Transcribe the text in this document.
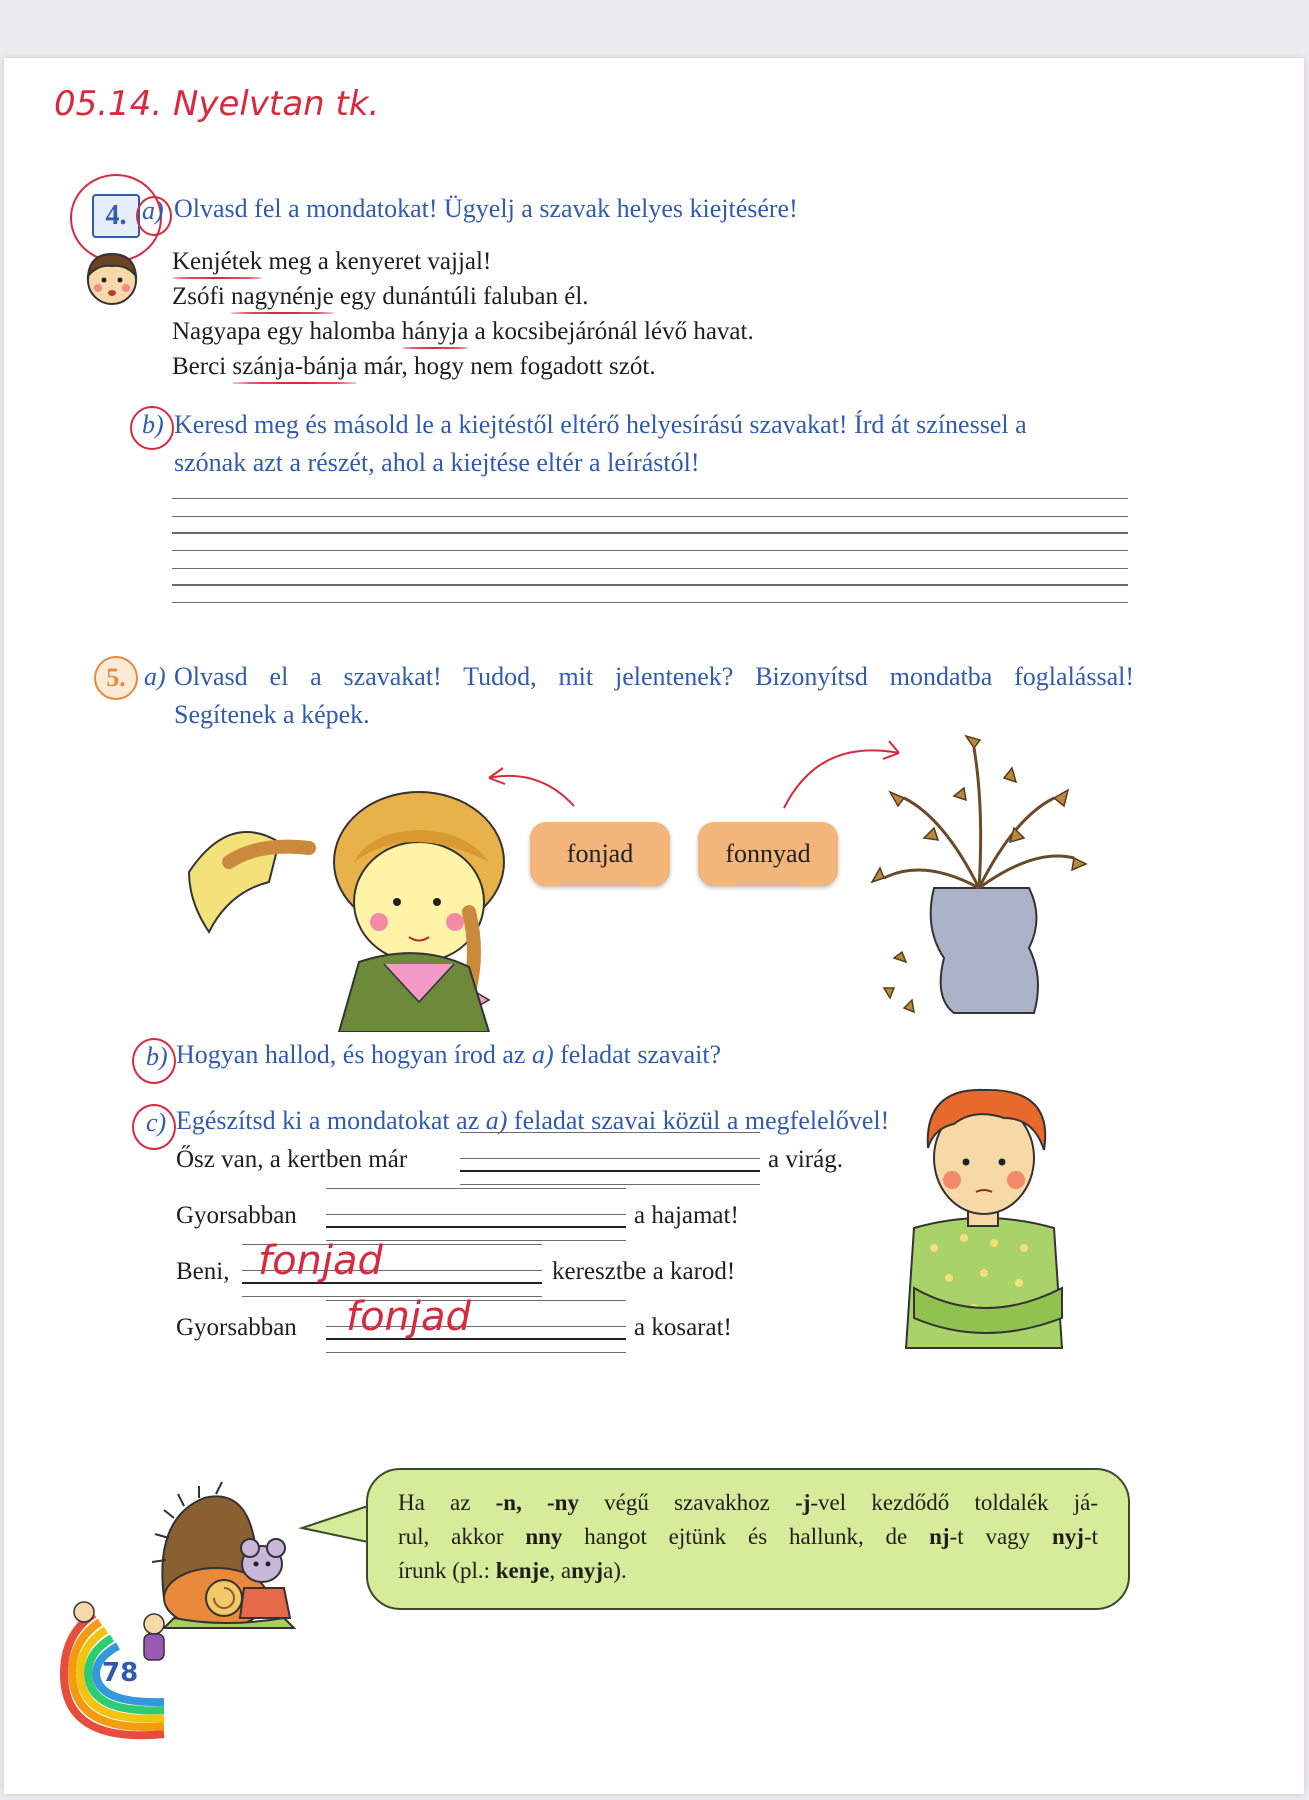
05.14. Nyelvtan tk.
4. a) Olvasd fel a mondatokat! Ügyelj a szavak helyes kiejtésére!
Kenjétek meg a kenyeret vajjal!
Zsófi nagynénje egy dunántúli faluban él.
Nagyapa egy halomba hányja a kocsibejárónál lévő havat.
Berci szánja-bánja már, hogy nem fogadott szót.
b) Keresd meg és másold le a kiejtéstől eltérő helyesírású szavakat! Írd át színessel a
szónak azt a részét, ahol a kiejtése eltér a leírástól!
5. a) Olvasd el a szavakat! Tudod, mit jelentenek? Bizonyítsd mondatba foglalással!
Segítenek a képek.
fonjad	fonnyad
b) Hogyan hallod, és hogyan írod az a) feladat szavait?
c) Egészítsd ki a mondatokat az a) feladat szavai közül a megfelelővel!
Ősz van, a kertben már	a virág.
Gyorsabban	a hajamat!
Beni, fonjad	keresztbe a karod!
Gyorsabban fonjad	a kosarat!
Ha az -n, -ny végű szavakhoz -j-vel kezdődő toldalék já-
rul, akkor nny hangot ejtünk és hallunk, de nj-t vagy nyj-t
írunk (pl.: kenje, anyja).
78
